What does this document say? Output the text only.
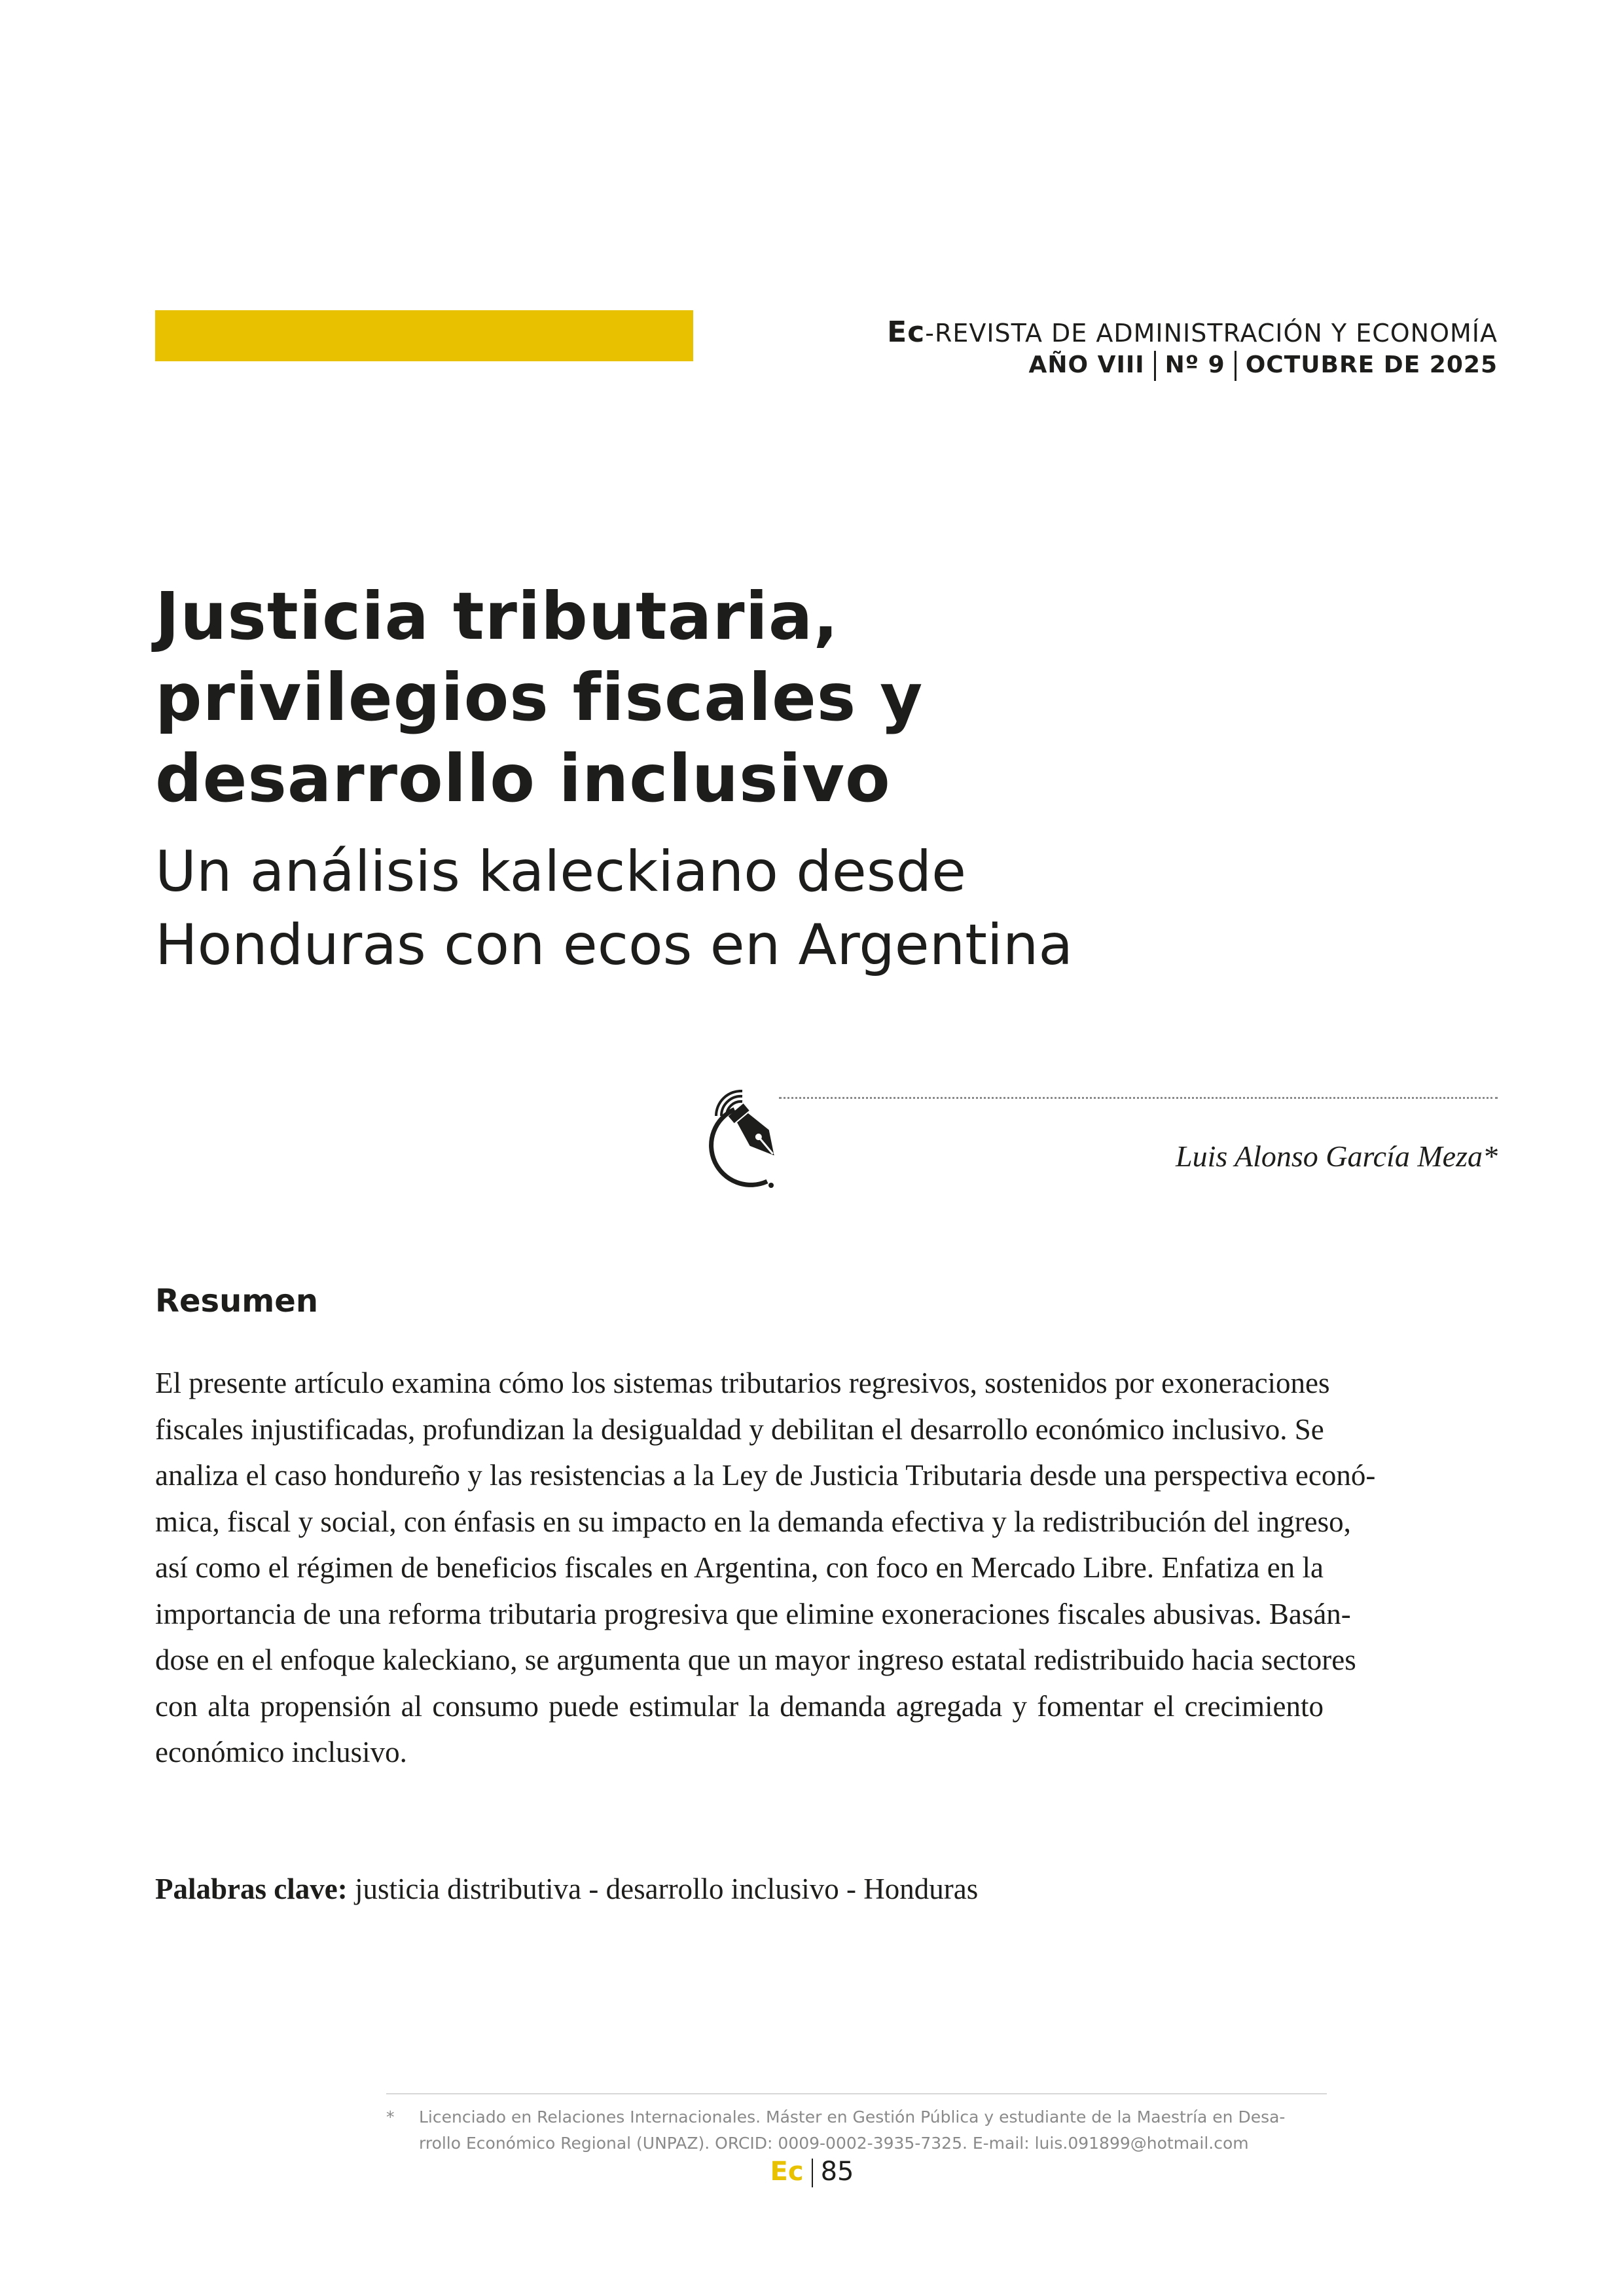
Ec-REVISTA DE ADMINISTRACIÓN Y ECONOMÍA
AÑO VIII Nº 9 OCTUBRE DE 2025
Justicia tributaria,
privilegios fiscales y
desarrollo inclusivo
Un análisis kaleckiano desde
Honduras con ecos en Argentina
Luis Alonso García Meza*
Resumen

El presente artículo examina cómo los sistemas tributarios regresivos, sostenidos por exoneraciones
fiscales injustificadas, profundizan la desigualdad y debilitan el desarrollo económico inclusivo. Se
analiza el caso hondureño y las resistencias a la Ley de Justicia Tributaria desde una perspectiva econó-
mica, fiscal y social, con énfasis en su impacto en la demanda efectiva y la redistribución del ingreso,
así como el régimen de beneficios fiscales en Argentina, con foco en Mercado Libre. Enfatiza en la
importancia de una reforma tributaria progresiva que elimine exoneraciones fiscales abusivas. Basán-
dose en el enfoque kaleckiano, se argumenta que un mayor ingreso estatal redistribuido hacia sectores
con alta propensión al consumo puede estimular la demanda agregada y fomentar el crecimiento
económico inclusivo.

Palabras clave: justicia distributiva - desarrollo inclusivo - Honduras

* Licenciado en Relaciones Internacionales. Máster en Gestión Pública y estudiante de la Maestría en Desa-
rrollo Económico Regional (UNPAZ). ORCID: 0009-0002-3935-7325. E-mail: luis.091899@hotmail.com
Ec 85
